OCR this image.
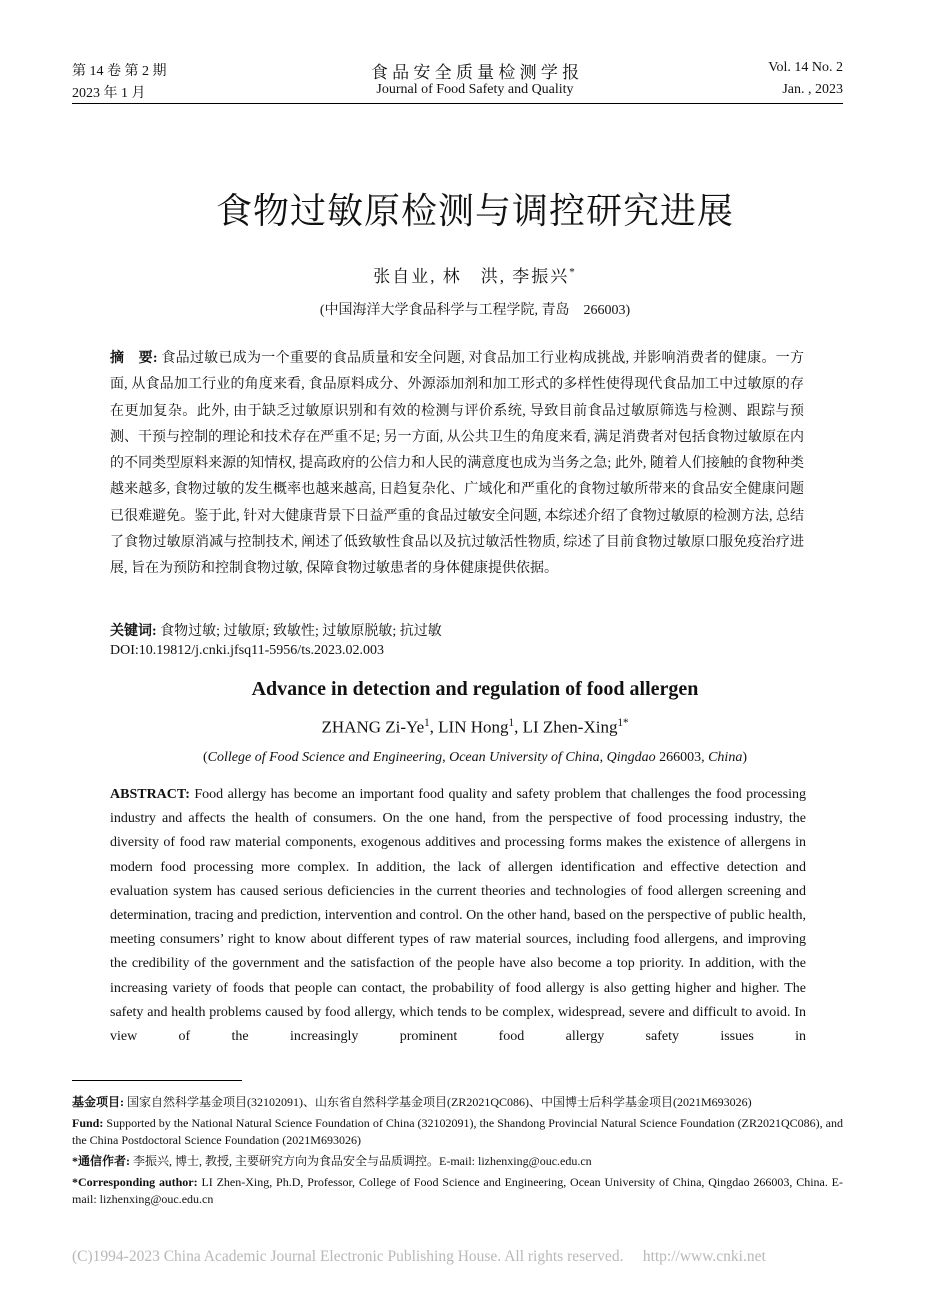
第 14 卷 第 2 期
2023 年 1 月
食 品 安 全 质 量 检 测 学 报
Journal of Food Safety and Quality
Vol. 14 No. 2
Jan. , 2023
食物过敏原检测与调控研究进展
张自业, 林　洪, 李振兴*
(中国海洋大学食品科学与工程学院, 青岛　266003)
摘　要: 食品过敏已成为一个重要的食品质量和安全问题, 对食品加工行业构成挑战, 并影响消费者的健康。一方面, 从食品加工行业的角度来看, 食品原料成分、外源添加剂和加工形式的多样性使得现代食品加工中过敏原的存在更加复杂。此外, 由于缺乏过敏原识别和有效的检测与评价系统, 导致目前食品过敏原筛选与检测、跟踪与预测、干预与控制的理论和技术存在严重不足; 另一方面, 从公共卫生的角度来看, 满足消费者对包括食物过敏原在内的不同类型原料来源的知情权, 提高政府的公信力和人民的满意度也成为当务之急; 此外, 随着人们接触的食物种类越来越多, 食物过敏的发生概率也越来越高, 日趋复杂化、广域化和严重化的食物过敏所带来的食品安全健康问题已很难避免。鉴于此, 针对大健康背景下日益严重的食品过敏安全问题, 本综述介绍了食物过敏原的检测方法, 总结了食物过敏原消减与控制技术, 阐述了低致敏性食品以及抗过敏活性物质, 综述了目前食物过敏原口服免疫治疗进展, 旨在为预防和控制食物过敏, 保障食物过敏患者的身体健康提供依据。
关键词: 食物过敏; 过敏原; 致敏性; 过敏原脱敏; 抗过敏
DOI:10.19812/j.cnki.jfsq11-5956/ts.2023.02.003
Advance in detection and regulation of food allergen
ZHANG Zi-Ye$^1$, LIN Hong$^1$, LI Zhen-Xing$^{1*}$
(College of Food Science and Engineering, Ocean University of China, Qingdao 266003, China)
ABSTRACT: Food allergy has become an important food quality and safety problem that challenges the food processing industry and affects the health of consumers. On the one hand, from the perspective of food processing industry, the diversity of food raw material components, exogenous additives and processing forms makes the existence of allergens in modern food processing more complex. In addition, the lack of allergen identification and effective detection and evaluation system has caused serious deficiencies in the current theories and technologies of food allergen screening and determination, tracing and prediction, intervention and control. On the other hand, based on the perspective of public health, meeting consumers’ right to know about different types of raw material sources, including food allergens, and improving the credibility of the government and the satisfaction of the people have also become a top priority. In addition, with the increasing variety of foods that people can contact, the probability of food allergy is also getting higher and higher. The safety and health problems caused by food allergy, which tends to be complex, widespread, severe and difficult to avoid. In view of the increasingly prominent food allergy safety issues in
基金项目: 国家自然科学基金项目(32102091)、山东省自然科学基金项目(ZR2021QC086)、中国博士后科学基金项目(2021M693026)
Fund: Supported by the National Natural Science Foundation of China (32102091), the Shandong Provincial Natural Science Foundation (ZR2021QC086), and the China Postdoctoral Science Foundation (2021M693026)
*通信作者: 李振兴, 博士, 教授, 主要研究方向为食品安全与品质调控。E-mail: lizhenxing@ouc.edu.cn
*Corresponding author: LI Zhen-Xing, Ph.D, Professor, College of Food Science and Engineering, Ocean University of China, Qingdao 266003, China. E-mail: lizhenxing@ouc.edu.cn
(C)1994-2023 China Academic Journal Electronic Publishing House. All rights reserved.　 http://www.cnki.net
